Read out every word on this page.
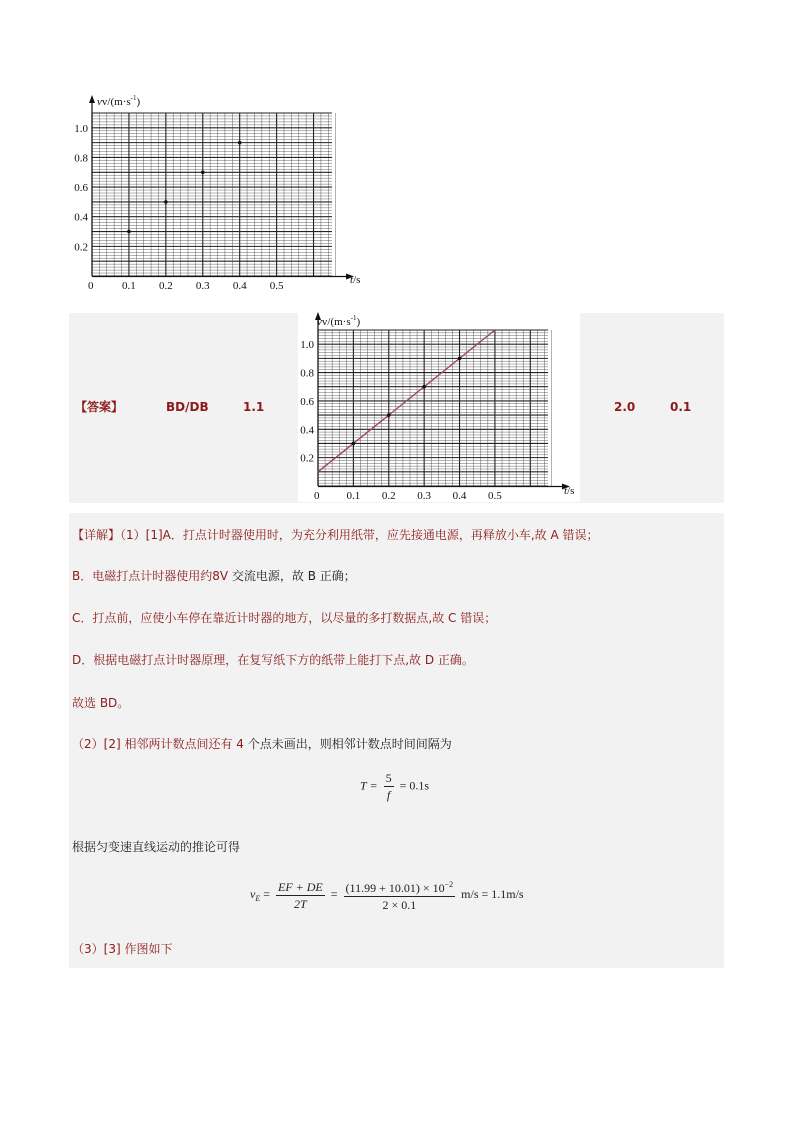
$vv/(m\cdot s^{-1})$
t/s
0
0.2
0.4
0.6
0.8
1.0
0.1 0.2 0.3 0.4 0.5
【答案】	BD/DB	1.1	2.0	0.1
$vv/(m\cdot s^{-1})$
t/s
0
0.2
0.4
0.6
0.8
1.0
0.1 0.2 0.3 0.4 0.5
【详解】（1）[1]A．打点计时器使用时，为充分利用纸带，应先接通电源，再释放小车,故 A 错误；
B．电磁打点计时器使用约8V 交流电源，故 B 正确；
C．打点前，应使小车停在靠近计时器的地方，以尽量的多打数据点,故 C 错误；
D．根据电磁打点计时器原理，在复写纸下方的纸带上能打下点,故 D 正确。
故选 BD。
（2）[2] 相邻两计数点间还有 4 个点未画出，则相邻计数点时间间隔为
$T = \frac{5}{f} = 0.1s$
根据匀变速直线运动的推论可得
$v_E = \frac{EF + DE}{2T} = \frac{(11.99 + 10.01) \times 10^{-2}}{2 \times 0.1} m/s = 1.1m/s$
（3）[3] 作图如下
